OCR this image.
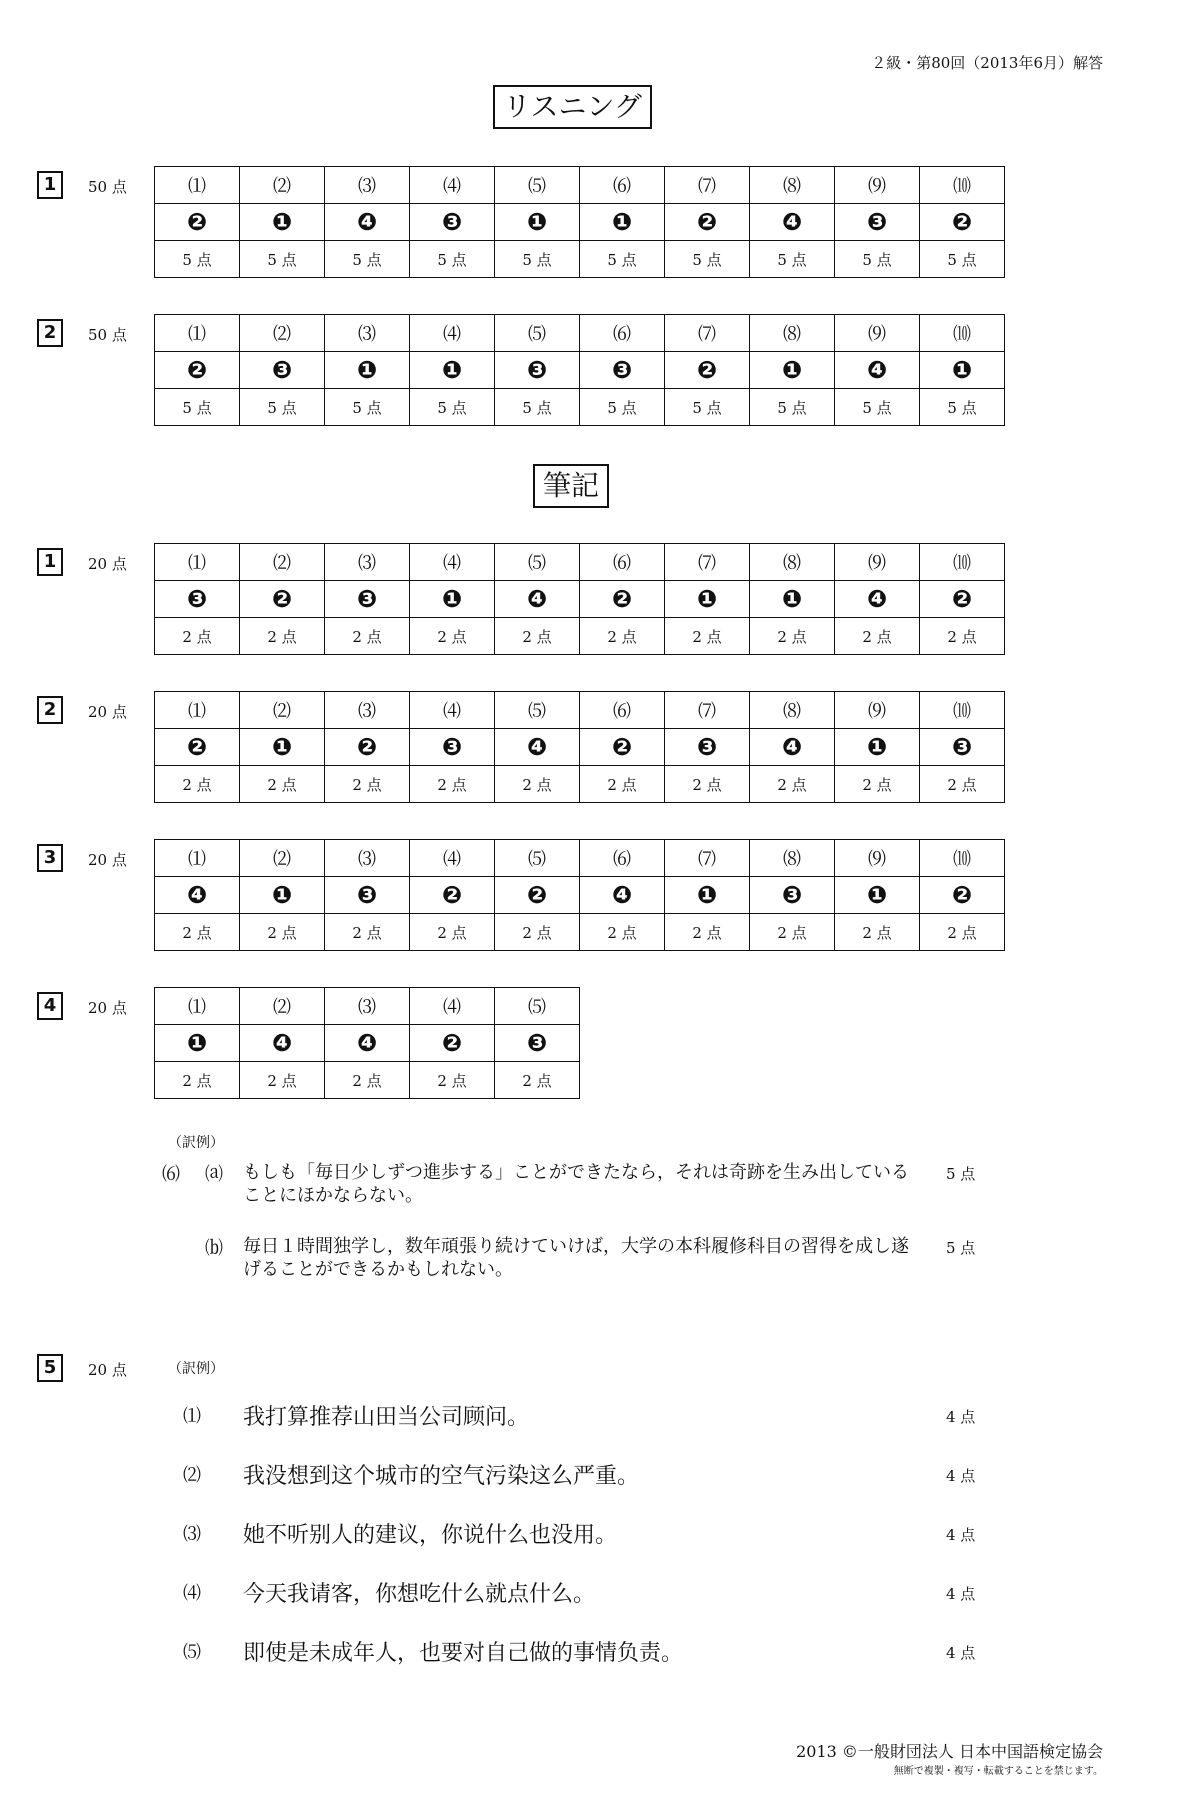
２級・第80回（2013年6月）解答
リスニング
1	50 点	⑴	⑵	⑶	⑷	⑸	⑹	⑺	⑻	⑼	⑽
❷	❶	❹	❸	❶	❶	❷	❹	❸	❷
5 点	5 点	5 点	5 点	5 点	5 点	5 点	5 点	5 点	5 点
2	50 点	⑴	⑵	⑶	⑷	⑸	⑹	⑺	⑻	⑼	⑽
❷	❸	❶	❶	❸	❸	❷	❶	❹	❶
5 点	5 点	5 点	5 点	5 点	5 点	5 点	5 点	5 点	5 点
筆記
1	20 点	⑴	⑵	⑶	⑷	⑸	⑹	⑺	⑻	⑼	⑽
❸	❷	❸	❶	❹	❷	❶	❶	❹	❷
2 点	2 点	2 点	2 点	2 点	2 点	2 点	2 点	2 点	2 点
2	20 点	⑴	⑵	⑶	⑷	⑸	⑹	⑺	⑻	⑼	⑽
❷	❶	❷	❸	❹	❷	❸	❹	❶	❸
2 点	2 点	2 点	2 点	2 点	2 点	2 点	2 点	2 点	2 点
3	20 点	⑴	⑵	⑶	⑷	⑸	⑹	⑺	⑻	⑼	⑽
❹	❶	❸	❷	❷	❹	❶	❸	❶	❷
2 点	2 点	2 点	2 点	2 点	2 点	2 点	2 点	2 点	2 点
4	20 点	⑴	⑵	⑶	⑷	⑸
❶	❹	❹	❷	❸
2 点	2 点	2 点	2 点	2 点
（訳例）
⑹ ⒜ もしも「毎日少しずつ進歩する」ことができたなら，それは奇跡を生み出していることにほかならない。
5 点
⒝ 毎日１時間独学し，数年頑張り続けていけば，大学の本科履修科目の習得を成し遂げることができるかもしれない。
5 点
5	20 点	（訳例）
⑴ 我打算推荐山田当公司顾问。	4 点
⑵ 我没想到这个城市的空气污染这么严重。	4 点
⑶ 她不听别人的建议，你说什么也没用。	4 点
⑷ 今天我请客，你想吃什么就点什么。	4 点
⑸ 即使是未成年人，也要对自己做的事情负责。	4 点
2013 ©一般財団法人 日本中国語検定協会
無断で複製・複写・転載することを禁じます。
